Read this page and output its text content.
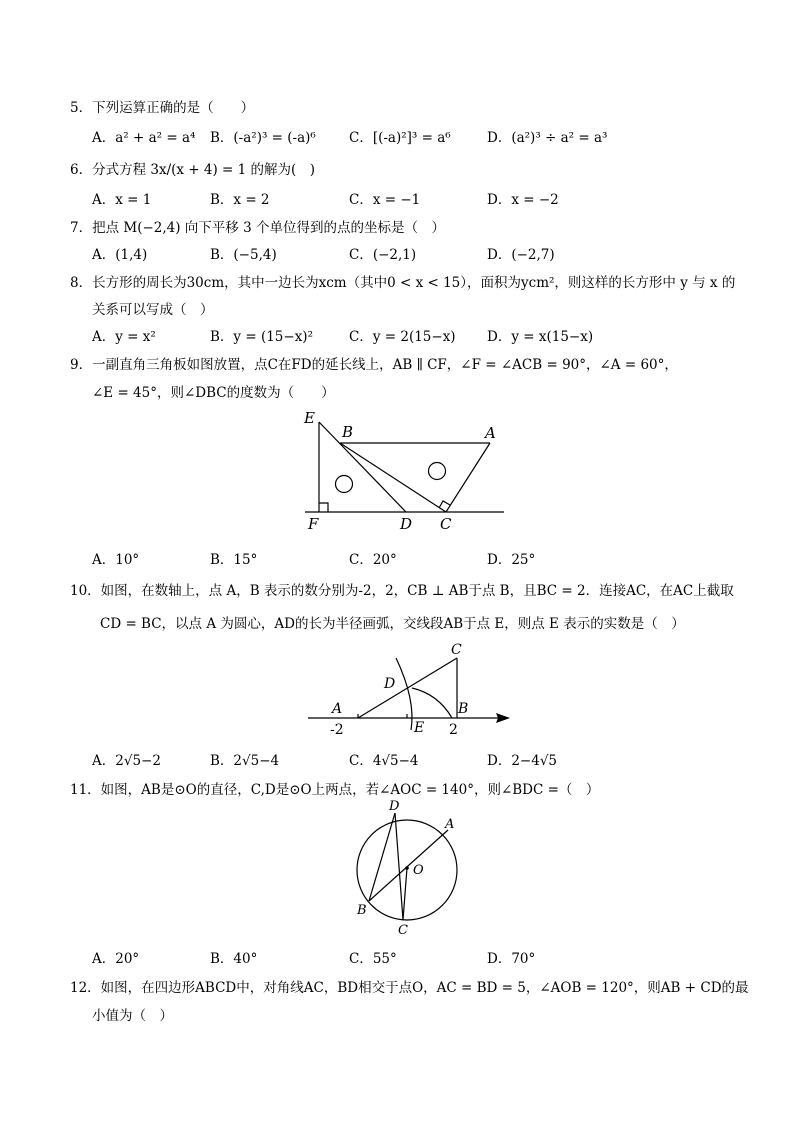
5．下列运算正确的是（　　）
A．a² + a² = a⁴ B．(-a²)³ = (-a)⁶ C．[(-a)²]³ = a⁶	D．(a²)³ ÷ a² = a³
6．分式方程 3x/(x + 4) = 1 的解为(　)
A．x = 1	B．x = 2	C．x = −1	D．x = −2
7．把点 M(−2,4) 向下平移 3 个单位得到的点的坐标是（　）
A．(1,4)	B．(−5,4)	C．(−2,1)	D．(−2,7)
8．长方形的周长为30cm，其中一边长为xcm（其中0 < x < 15），面积为ycm²，则这样的长方形中 y 与 x 的
关系可以写成（　）
A．y = x²	B．y = (15−x)²	C．y = 2(15−x) D．y = x(15−x)
9．一副直角三角板如图放置，点C在FD的延长线上，AB ∥ CF，∠F = ∠ACB = 90°，∠A = 60°，
∠E = 45°，则∠DBC的度数为（　　）
E
B	A
F	D C
A．10°	B．15°	C．20°	D．25°
10．如图，在数轴上，点 A，B 表示的数分别为-2，2，CB ⊥ AB于点 B，且BC = 2．连接AC，在AC上截取
CD = BC，以点 A 为圆心，AD的长为半径画弧，交线段AB于点 E，则点 E 表示的实数是（　）
C
D
A
E
B
-2	2
A．2√5−2	B．2√5−4	C．4√5−4	D．2−4√5
11．如图，AB是⊙O的直径，C,D是⊙O上两点，若∠AOC = 140°，则∠BDC =（　）
D
A
O
B
C
A．20°	B．40°	C．55°	D．70°
12．如图，在四边形ABCD中，对角线AC，BD相交于点O，AC = BD = 5，∠AOB = 120°，则AB + CD的最
小值为（　）
